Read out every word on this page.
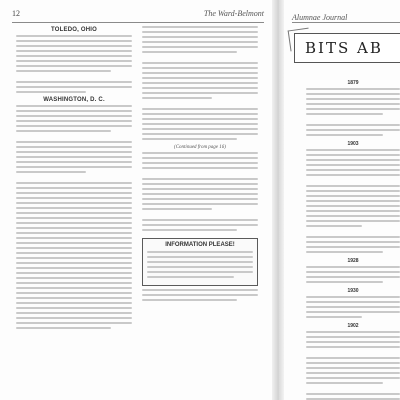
12	The Ward-Belmont
TOLEDO, OHIO
WASHINGTON, D. C.
(Continued from page 16)
INFORMATION PLEASE!
Alumnae Journal
BITS AB
1879
1903
1928
1930
1902
